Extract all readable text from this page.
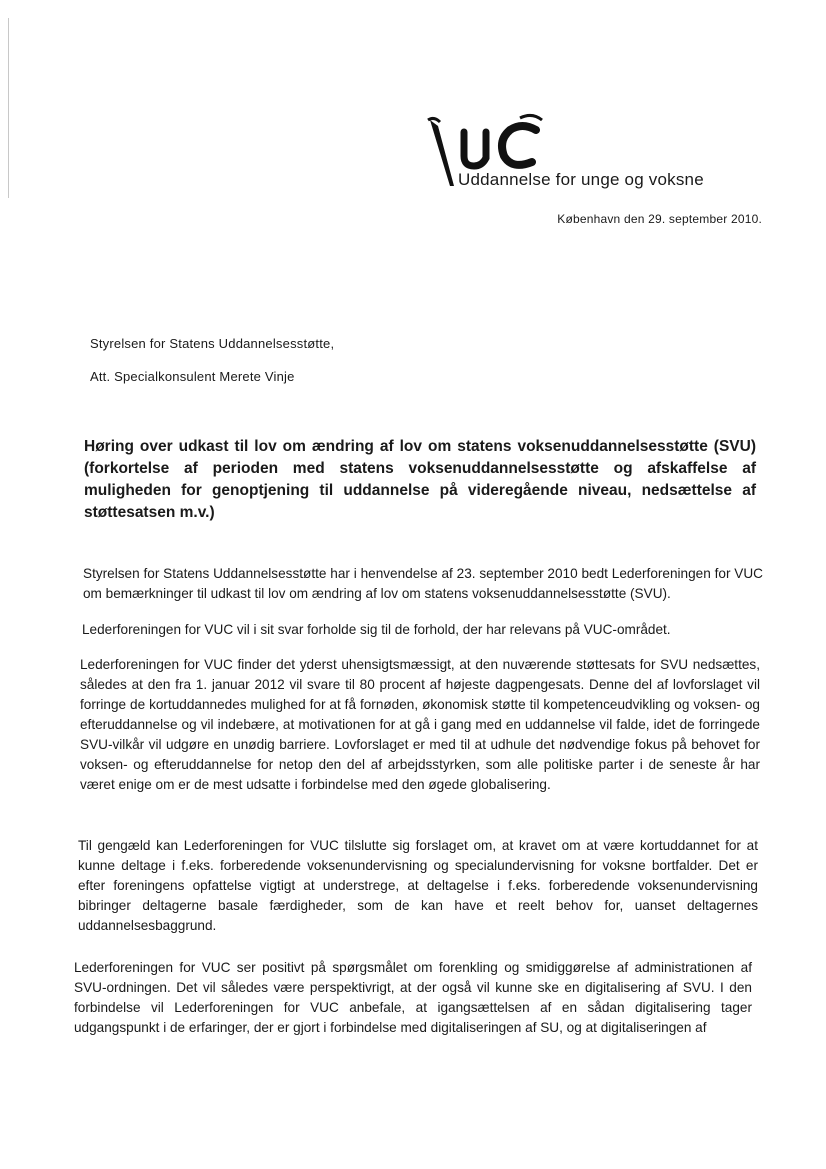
Uddannelse for unge og voksne
København den 29. september 2010.
Styrelsen for Statens Uddannelsesstøtte,
Att. Specialkonsulent Merete Vinje
Høring over udkast til lov om ændring af lov om statens voksenuddannelsesstøtte (SVU) (forkortelse af perioden med statens voksenuddannelsesstøtte og afskaffelse af muligheden for genoptjening til uddannelse på videregående niveau, nedsættelse af støttesatsen m.v.)
Styrelsen for Statens Uddannelsesstøtte har i henvendelse af 23. september 2010 bedt Lederforeningen for VUC om bemærkninger til udkast til lov om ændring af lov om statens voksenuddannelsesstøtte (SVU).
Lederforeningen for VUC vil i sit svar forholde sig til de forhold, der har relevans på VUC-området.
Lederforeningen for VUC finder det yderst uhensigtsmæssigt, at den nuværende støttesats for SVU nedsættes, således at den fra 1. januar 2012 vil svare til 80 procent af højeste dagpengesats. Denne del af lovforslaget vil forringe de kortuddannedes mulighed for at få fornøden, økonomisk støtte til kompetenceudvikling og voksen- og efteruddannelse og vil indebære, at motivationen for at gå i gang med en uddannelse vil falde, idet de forringede SVU-vilkår vil udgøre en unødig barriere. Lovforslaget er med til at udhule det nødvendige fokus på behovet for voksen- og efteruddannelse for netop den del af arbejdsstyrken, som alle politiske parter i de seneste år har været enige om er de mest udsatte i forbindelse med den øgede globalisering.
Til gengæld kan Lederforeningen for VUC tilslutte sig forslaget om, at kravet om at være kortuddannet for at kunne deltage i f.eks. forberedende voksenundervisning og specialundervisning for voksne bortfalder. Det er efter foreningens opfattelse vigtigt at understrege, at deltagelse i f.eks. forberedende voksenundervisning bibringer deltagerne basale færdigheder, som de kan have et reelt behov for, uanset deltagernes uddannelsesbaggrund.
Lederforeningen for VUC ser positivt på spørgsmålet om forenkling og smidiggørelse af administrationen af SVU-ordningen. Det vil således være perspektivrigt, at der også vil kunne ske en digitalisering af SVU. I den forbindelse vil Lederforeningen for VUC anbefale, at igangsættelsen af en sådan digitalisering tager udgangspunkt i de erfaringer, der er gjort i forbindelse med digitaliseringen af SU, og at digitaliseringen af
